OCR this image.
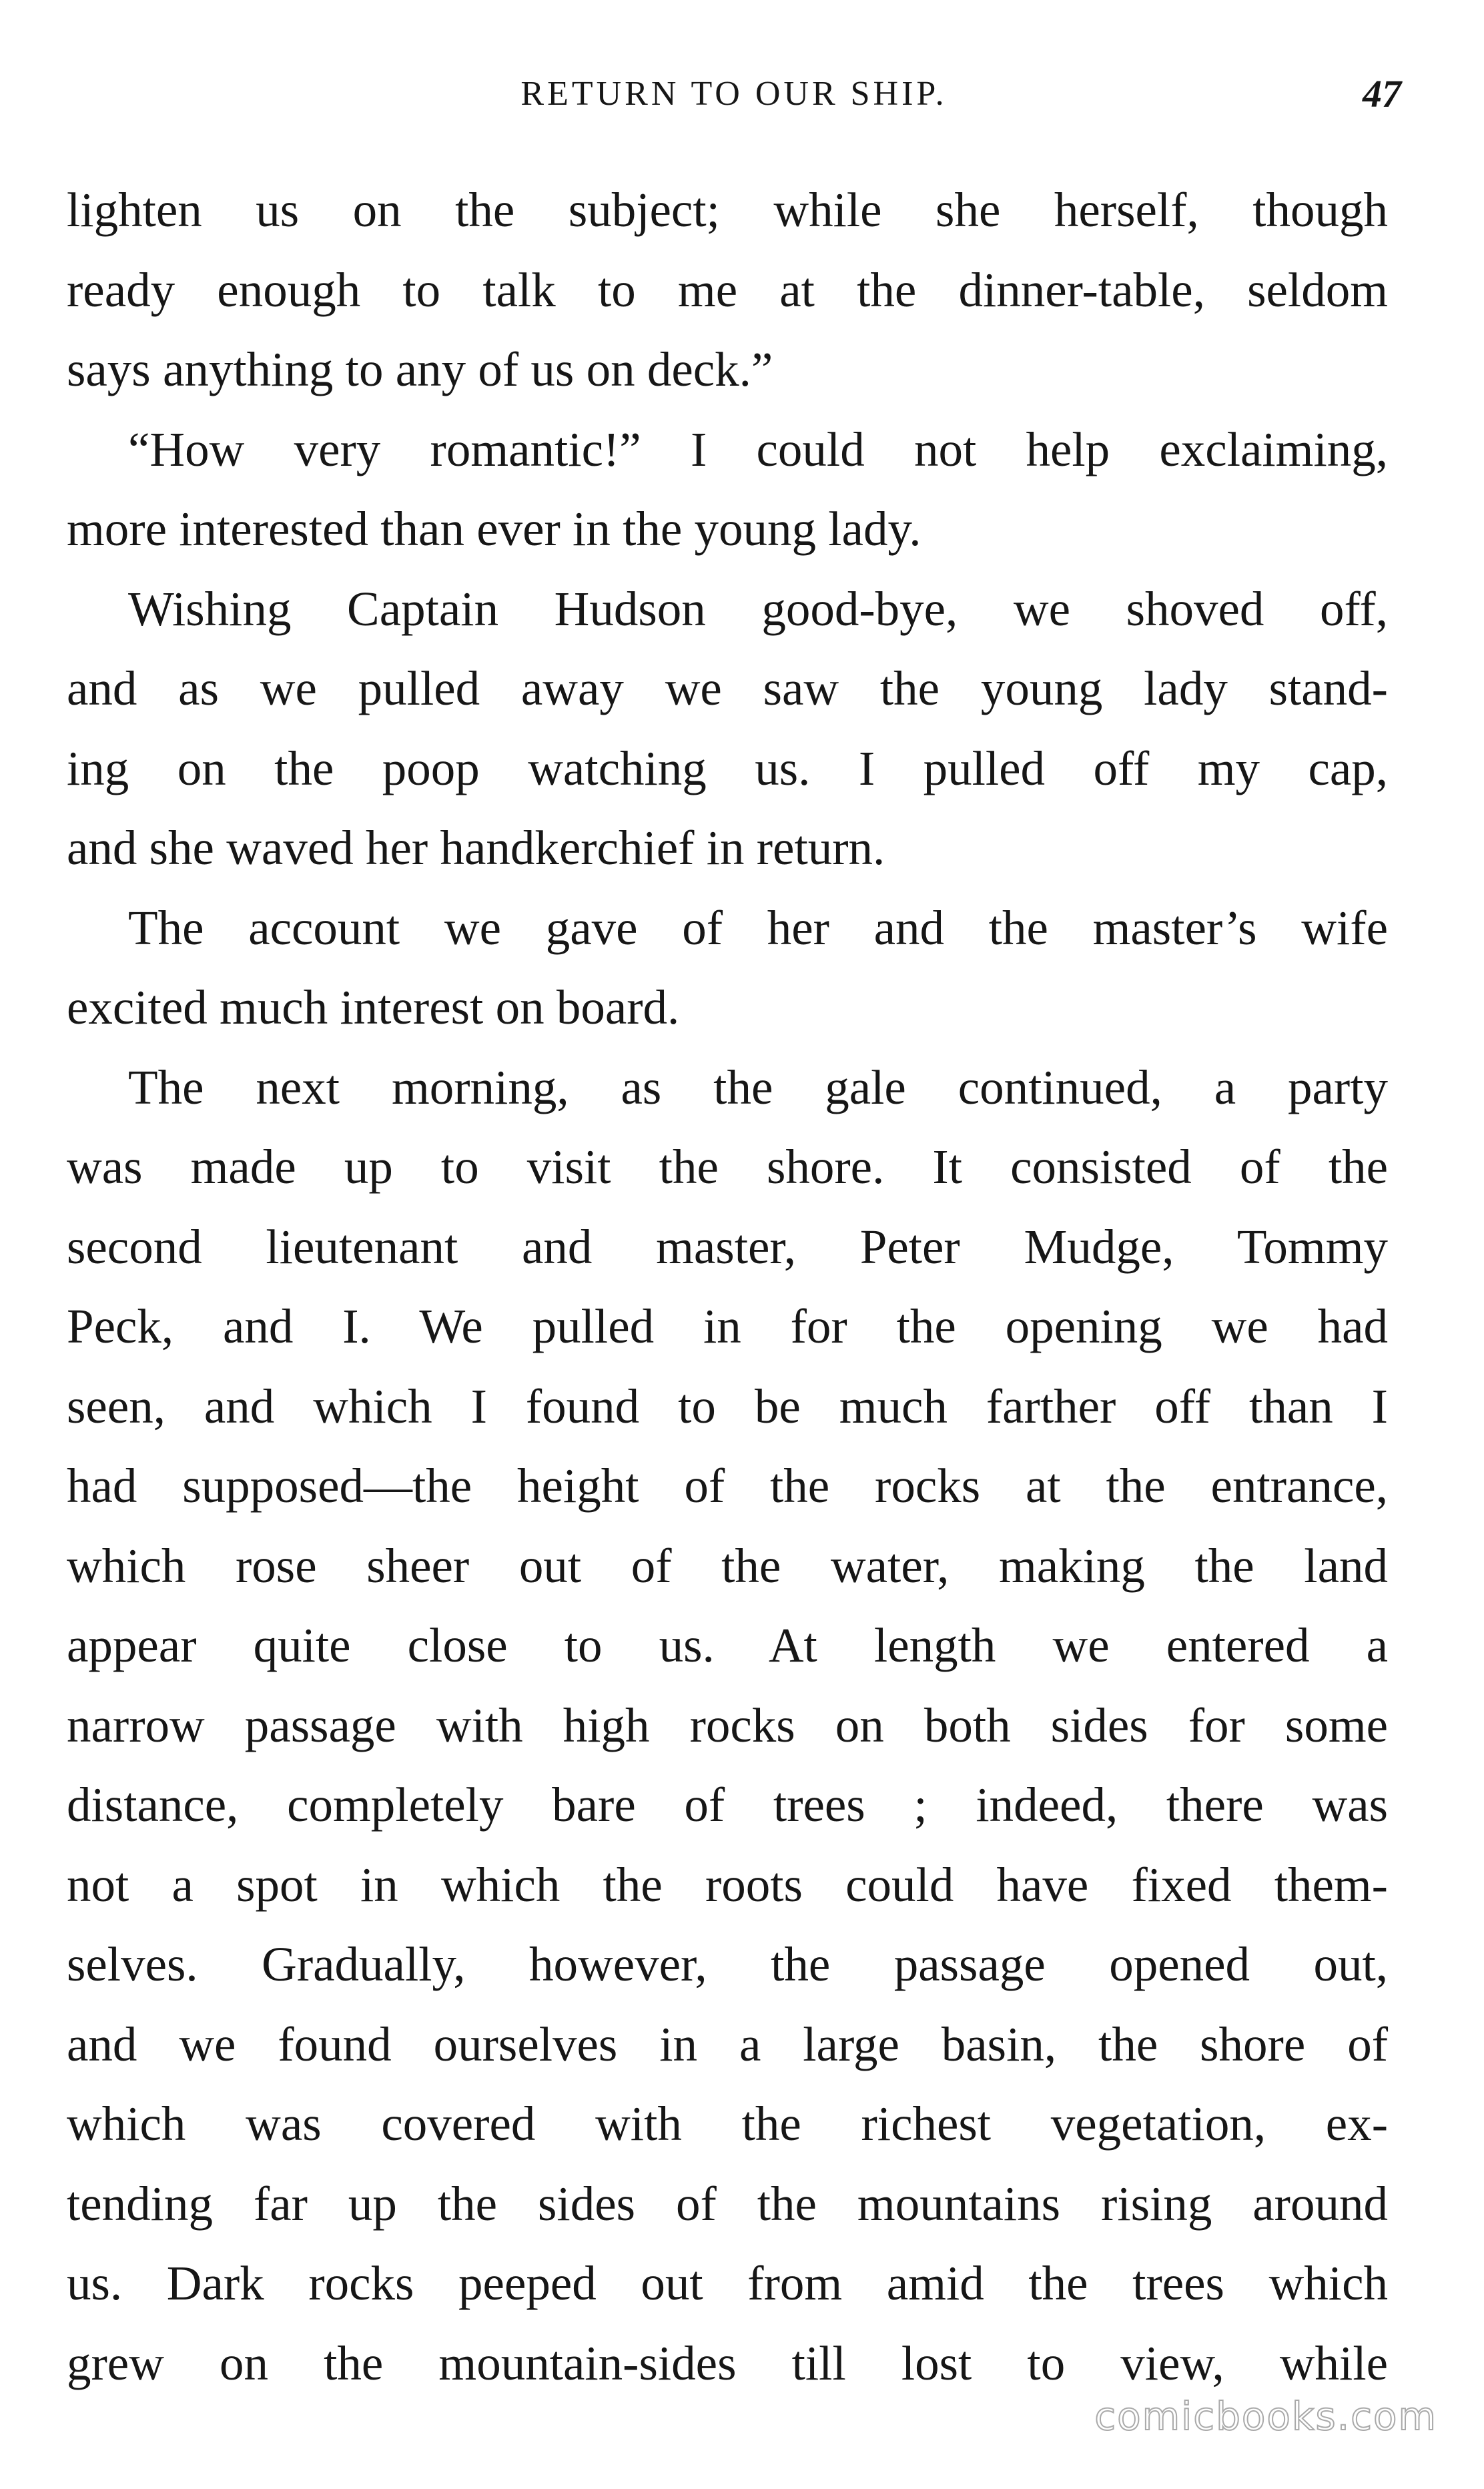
RETURN TO OUR SHIP.	47
lighten us on the subject; while she herself, though
ready enough to talk to me at the dinner-table, seldom
says anything to any of us on deck.”
“How very romantic!” I could not help exclaiming,
more interested than ever in the young lady.
Wishing Captain Hudson good-bye, we shoved off,
and as we pulled away we saw the young lady stand-
ing on the poop watching us. I pulled off my cap,
and she waved her handkerchief in return.
The account we gave of her and the master’s wife
excited much interest on board.
The next morning, as the gale continued, a party
was made up to visit the shore. It consisted of the
second lieutenant and master, Peter Mudge, Tommy
Peck, and I. We pulled in for the opening we had
seen, and which I found to be much farther off than I
had supposed—the height of the rocks at the entrance,
which rose sheer out of the water, making the land
appear quite close to us. At length we entered a
narrow passage with high rocks on both sides for some
distance, completely bare of trees ; indeed, there was
not a spot in which the roots could have fixed them-
selves. Gradually, however, the passage opened out,
and we found ourselves in a large basin, the shore of
which was covered with the richest vegetation, ex-
tending far up the sides of the mountains rising around
us. Dark rocks peeped out from amid the trees which
grew on the mountain-sides till lost to view, while
comicbooks.com
